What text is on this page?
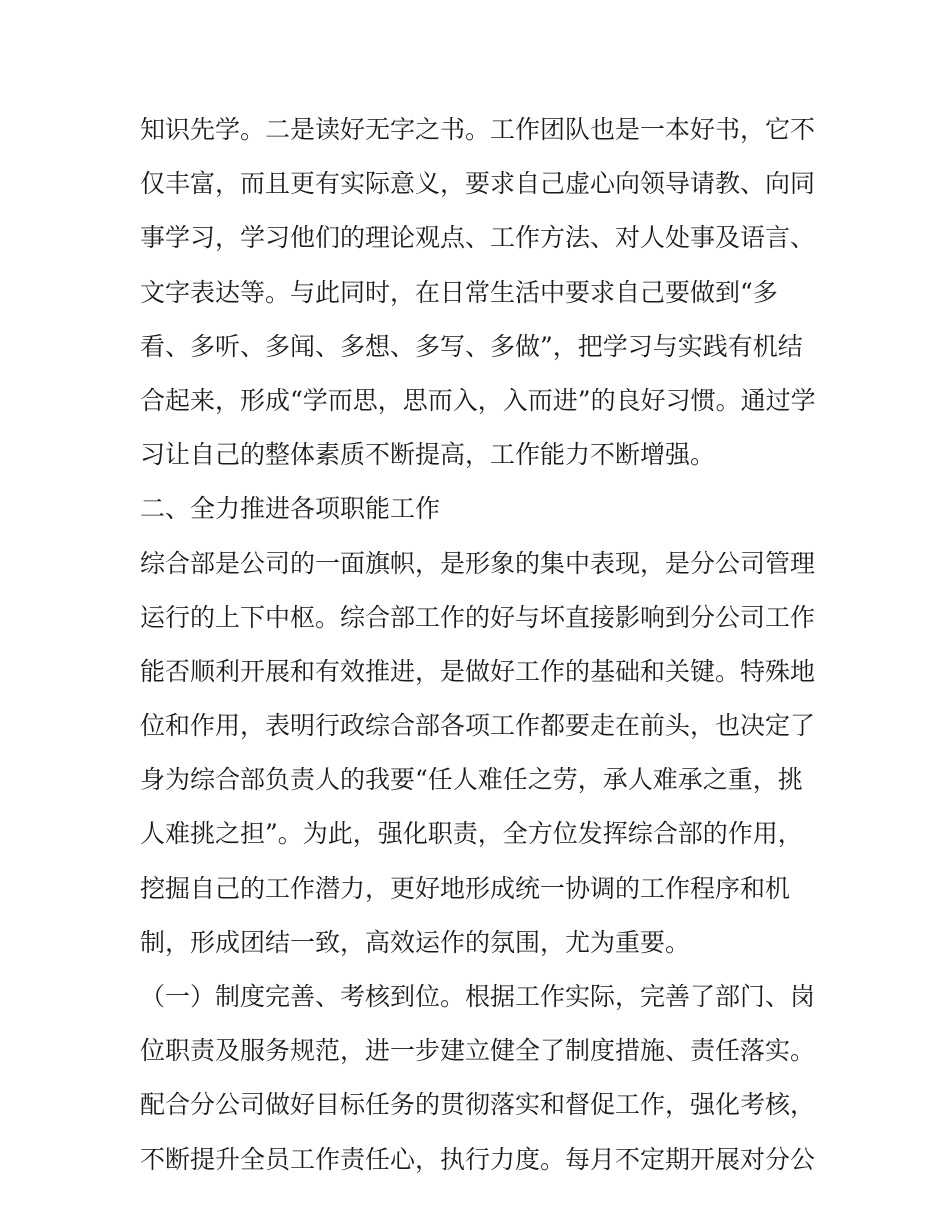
知识先学。二是读好无字之书。工作团队也是一本好书，它不
仅丰富，而且更有实际意义，要求自己虚心向领导请教、向同
事学习，学习他们的理论观点、工作方法、对人处事及语言、
文字表达等。与此同时，在日常生活中要求自己要做到“多
看、多听、多闻、多想、多写、多做”，把学习与实践有机结
合起来，形成“学而思，思而入，入而进”的良好习惯。通过学
习让自己的整体素质不断提高，工作能力不断增强。
二、全力推进各项职能工作
综合部是公司的一面旗帜，是形象的集中表现，是分公司管理
运行的上下中枢。综合部工作的好与坏直接影响到分公司工作
能否顺利开展和有效推进，是做好工作的基础和关键。特殊地
位和作用，表明行政综合部各项工作都要走在前头，也决定了
身为综合部负责人的我要“任人难任之劳，承人难承之重，挑
人难挑之担”。为此，强化职责，全方位发挥综合部的作用，
挖掘自己的工作潜力，更好地形成统一协调的工作程序和机
制，形成团结一致，高效运作的氛围，尤为重要。
（一）制度完善、考核到位。根据工作实际，完善了部门、岗
位职责及服务规范，进一步建立健全了制度措施、责任落实。
配合分公司做好目标任务的贯彻落实和督促工作，强化考核，
不断提升全员工作责任心，执行力度。每月不定期开展对分公
